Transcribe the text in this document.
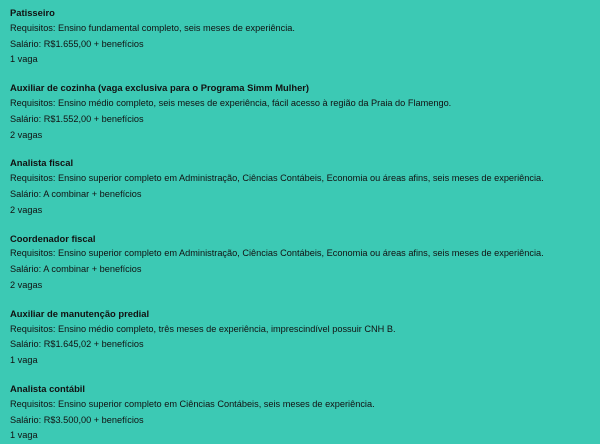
Patisseiro

Requisitos: Ensino fundamental completo, seis meses de experiência.

Salário: R$1.655,00 + benefícios

1 vaga

Auxiliar de cozinha (vaga exclusiva para o Programa Simm Mulher)

Requisitos: Ensino médio completo, seis meses de experiência, fácil acesso à região da Praia do Flamengo.

Salário: R$1.552,00 + benefícios

2 vagas

Analista fiscal

Requisitos: Ensino superior completo em Administração, Ciências Contábeis, Economia ou áreas afins, seis meses de experiência.

Salário: A combinar + benefícios

2 vagas

Coordenador fiscal

Requisitos: Ensino superior completo em Administração, Ciências Contábeis, Economia ou áreas afins, seis meses de experiência.

Salário: A combinar + benefícios

2 vagas

Auxiliar de manutenção predial

Requisitos: Ensino médio completo, três meses de experiência, imprescindível possuir CNH B.

Salário: R$1.645,02 + benefícios

1 vaga

Analista contábil

Requisitos: Ensino superior completo em Ciências Contábeis, seis meses de experiência.

Salário: R$3.500,00 + benefícios

1 vaga
